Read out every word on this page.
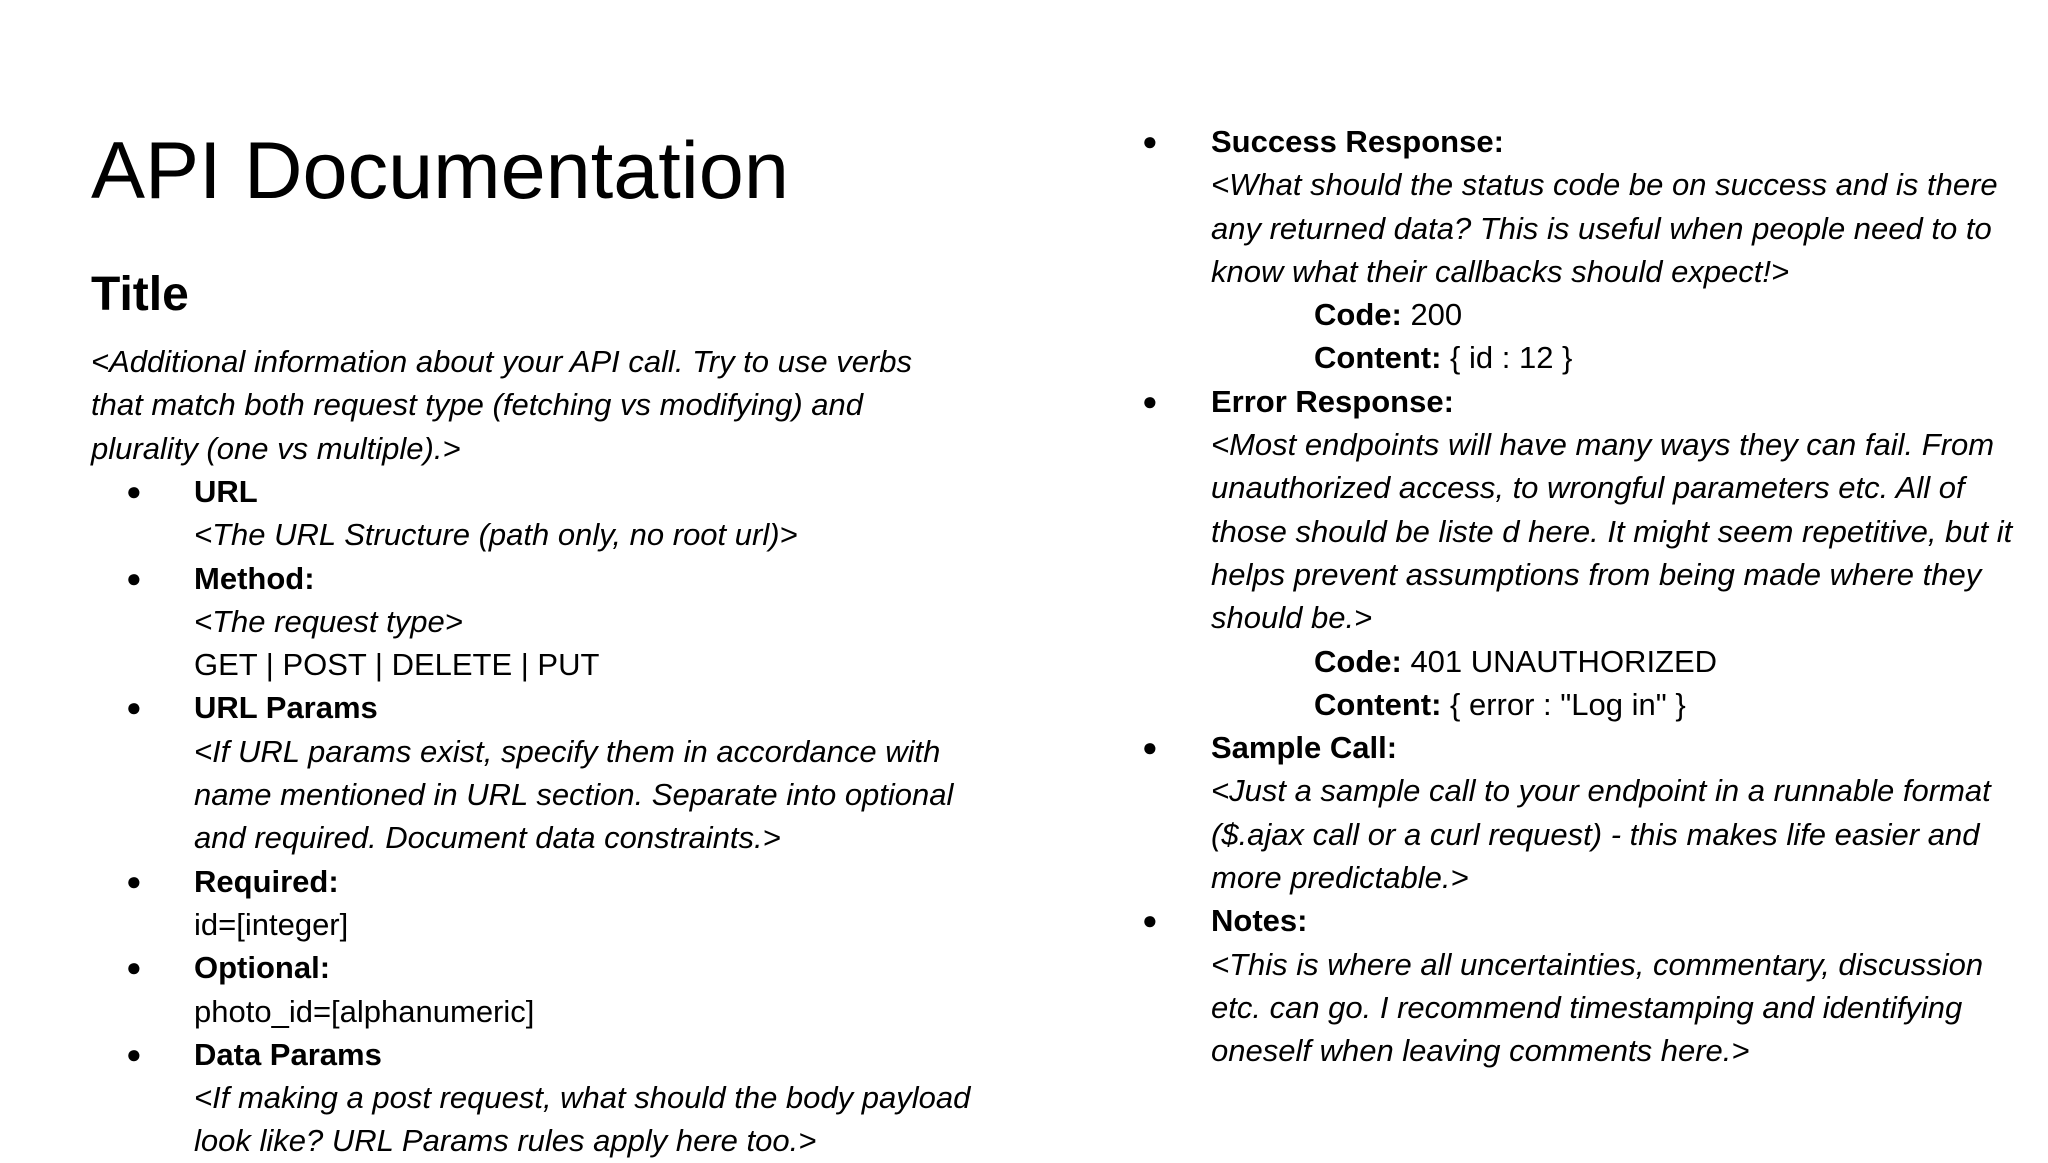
API Documentation
Title

<Additional information about your API call. Try to use verbs that match both request type (fetching vs modifying) and plurality (one vs multiple).>

● URL
<The URL Structure (path only, no root url)>
● Method:
<The request type>
GET | POST | DELETE | PUT
● URL Params
<If URL params exist, specify them in accordance with name mentioned in URL section. Separate into optional and required. Document data constraints.>
● Required:
id=[integer]
● Optional:
photo_id=[alphanumeric]
● Data Params
<If making a post request, what should the body payload look like? URL Params rules apply here too.>
● Success Response:
<What should the status code be on success and is there any returned data? This is useful when people need to to know what their callbacks should expect!>
Code: 200
Content: { id : 12 }
● Error Response:
<Most endpoints will have many ways they can fail. From unauthorized access, to wrongful parameters etc. All of those should be liste d here. It might seem repetitive, but it helps prevent assumptions from being made where they should be.>
Code: 401 UNAUTHORIZED
Content: { error : "Log in" }
● Sample Call:
<Just a sample call to your endpoint in a runnable format ($.ajax call or a curl request) - this makes life easier and more predictable.>
● Notes:
<This is where all uncertainties, commentary, discussion etc. can go. I recommend timestamping and identifying oneself when leaving comments here.>
